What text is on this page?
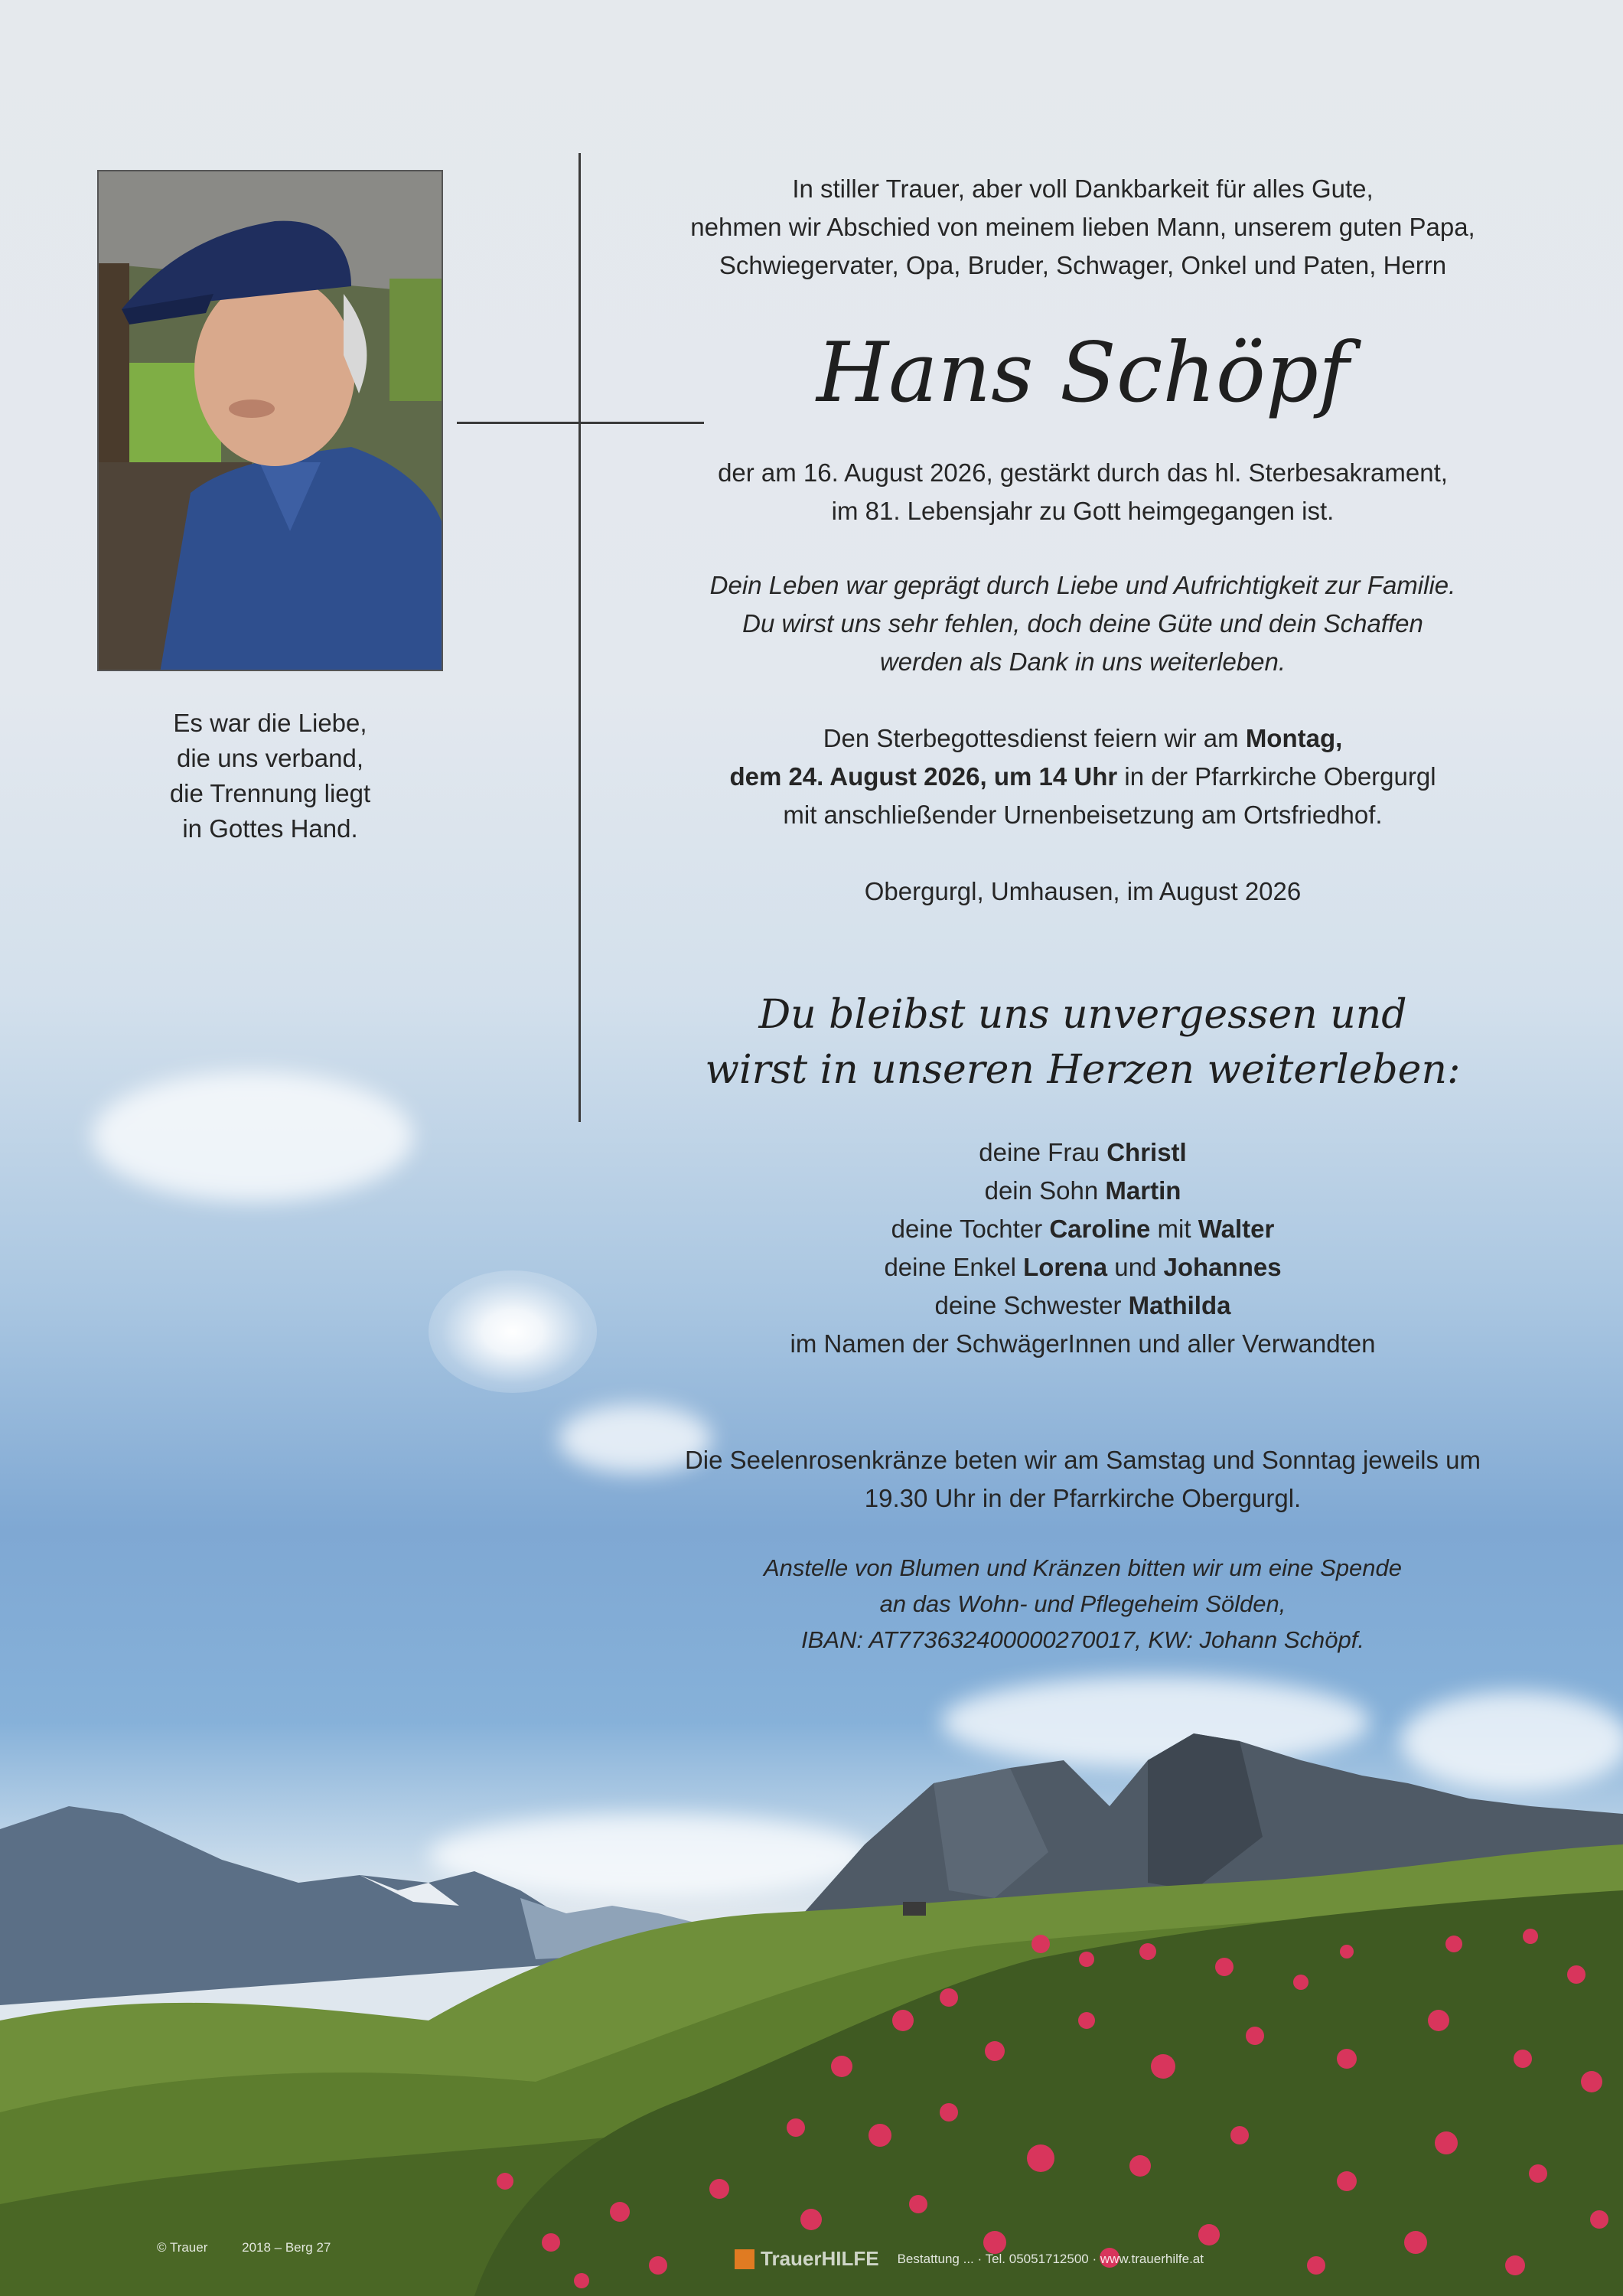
Es war die Liebe,
die uns verband,
die Trennung liegt
in Gottes Hand.
In stiller Trauer, aber voll Dankbarkeit für alles Gute,
nehmen wir Abschied von meinem lieben Mann, unserem guten Papa,
Schwiegervater, Opa, Bruder, Schwager, Onkel und Paten, Herrn
Hans Schöpf
der am 16. August 2026, gestärkt durch das hl. Sterbesakrament,
im 81. Lebensjahr zu Gott heimgegangen ist.
Dein Leben war geprägt durch Liebe und Aufrichtigkeit zur Familie.
Du wirst uns sehr fehlen, doch deine Güte und dein Schaffen
werden als Dank in uns weiterleben.
Den Sterbegottesdienst feiern wir am Montag,
dem 24. August 2026, um 14 Uhr in der Pfarrkirche Obergurgl
mit anschließender Urnenbeisetzung am Ortsfriedhof.
Obergurgl, Umhausen, im August 2026
Du bleibst uns unvergessen und
wirst in unseren Herzen weiterleben:
deine Frau Christl
dein Sohn Martin
deine Tochter Caroline mit Walter
deine Enkel Lorena und Johannes
deine Schwester Mathilda
im Namen der SchwägerInnen und aller Verwandten
Die Seelenrosenkränze beten wir am Samstag und Sonntag jeweils um
19.30 Uhr in der Pfarrkirche Obergurgl.
Anstelle von Blumen und Kränzen bitten wir um eine Spende
an das Wohn- und Pflegeheim Sölden,
IBAN: AT773632400000270017, KW: Johann Schöpf.
© Trauer	2018 – Berg 27	TrauerHILFE Bestattung ... · Tel. 05051712500 · www.trauerhilfe.at
